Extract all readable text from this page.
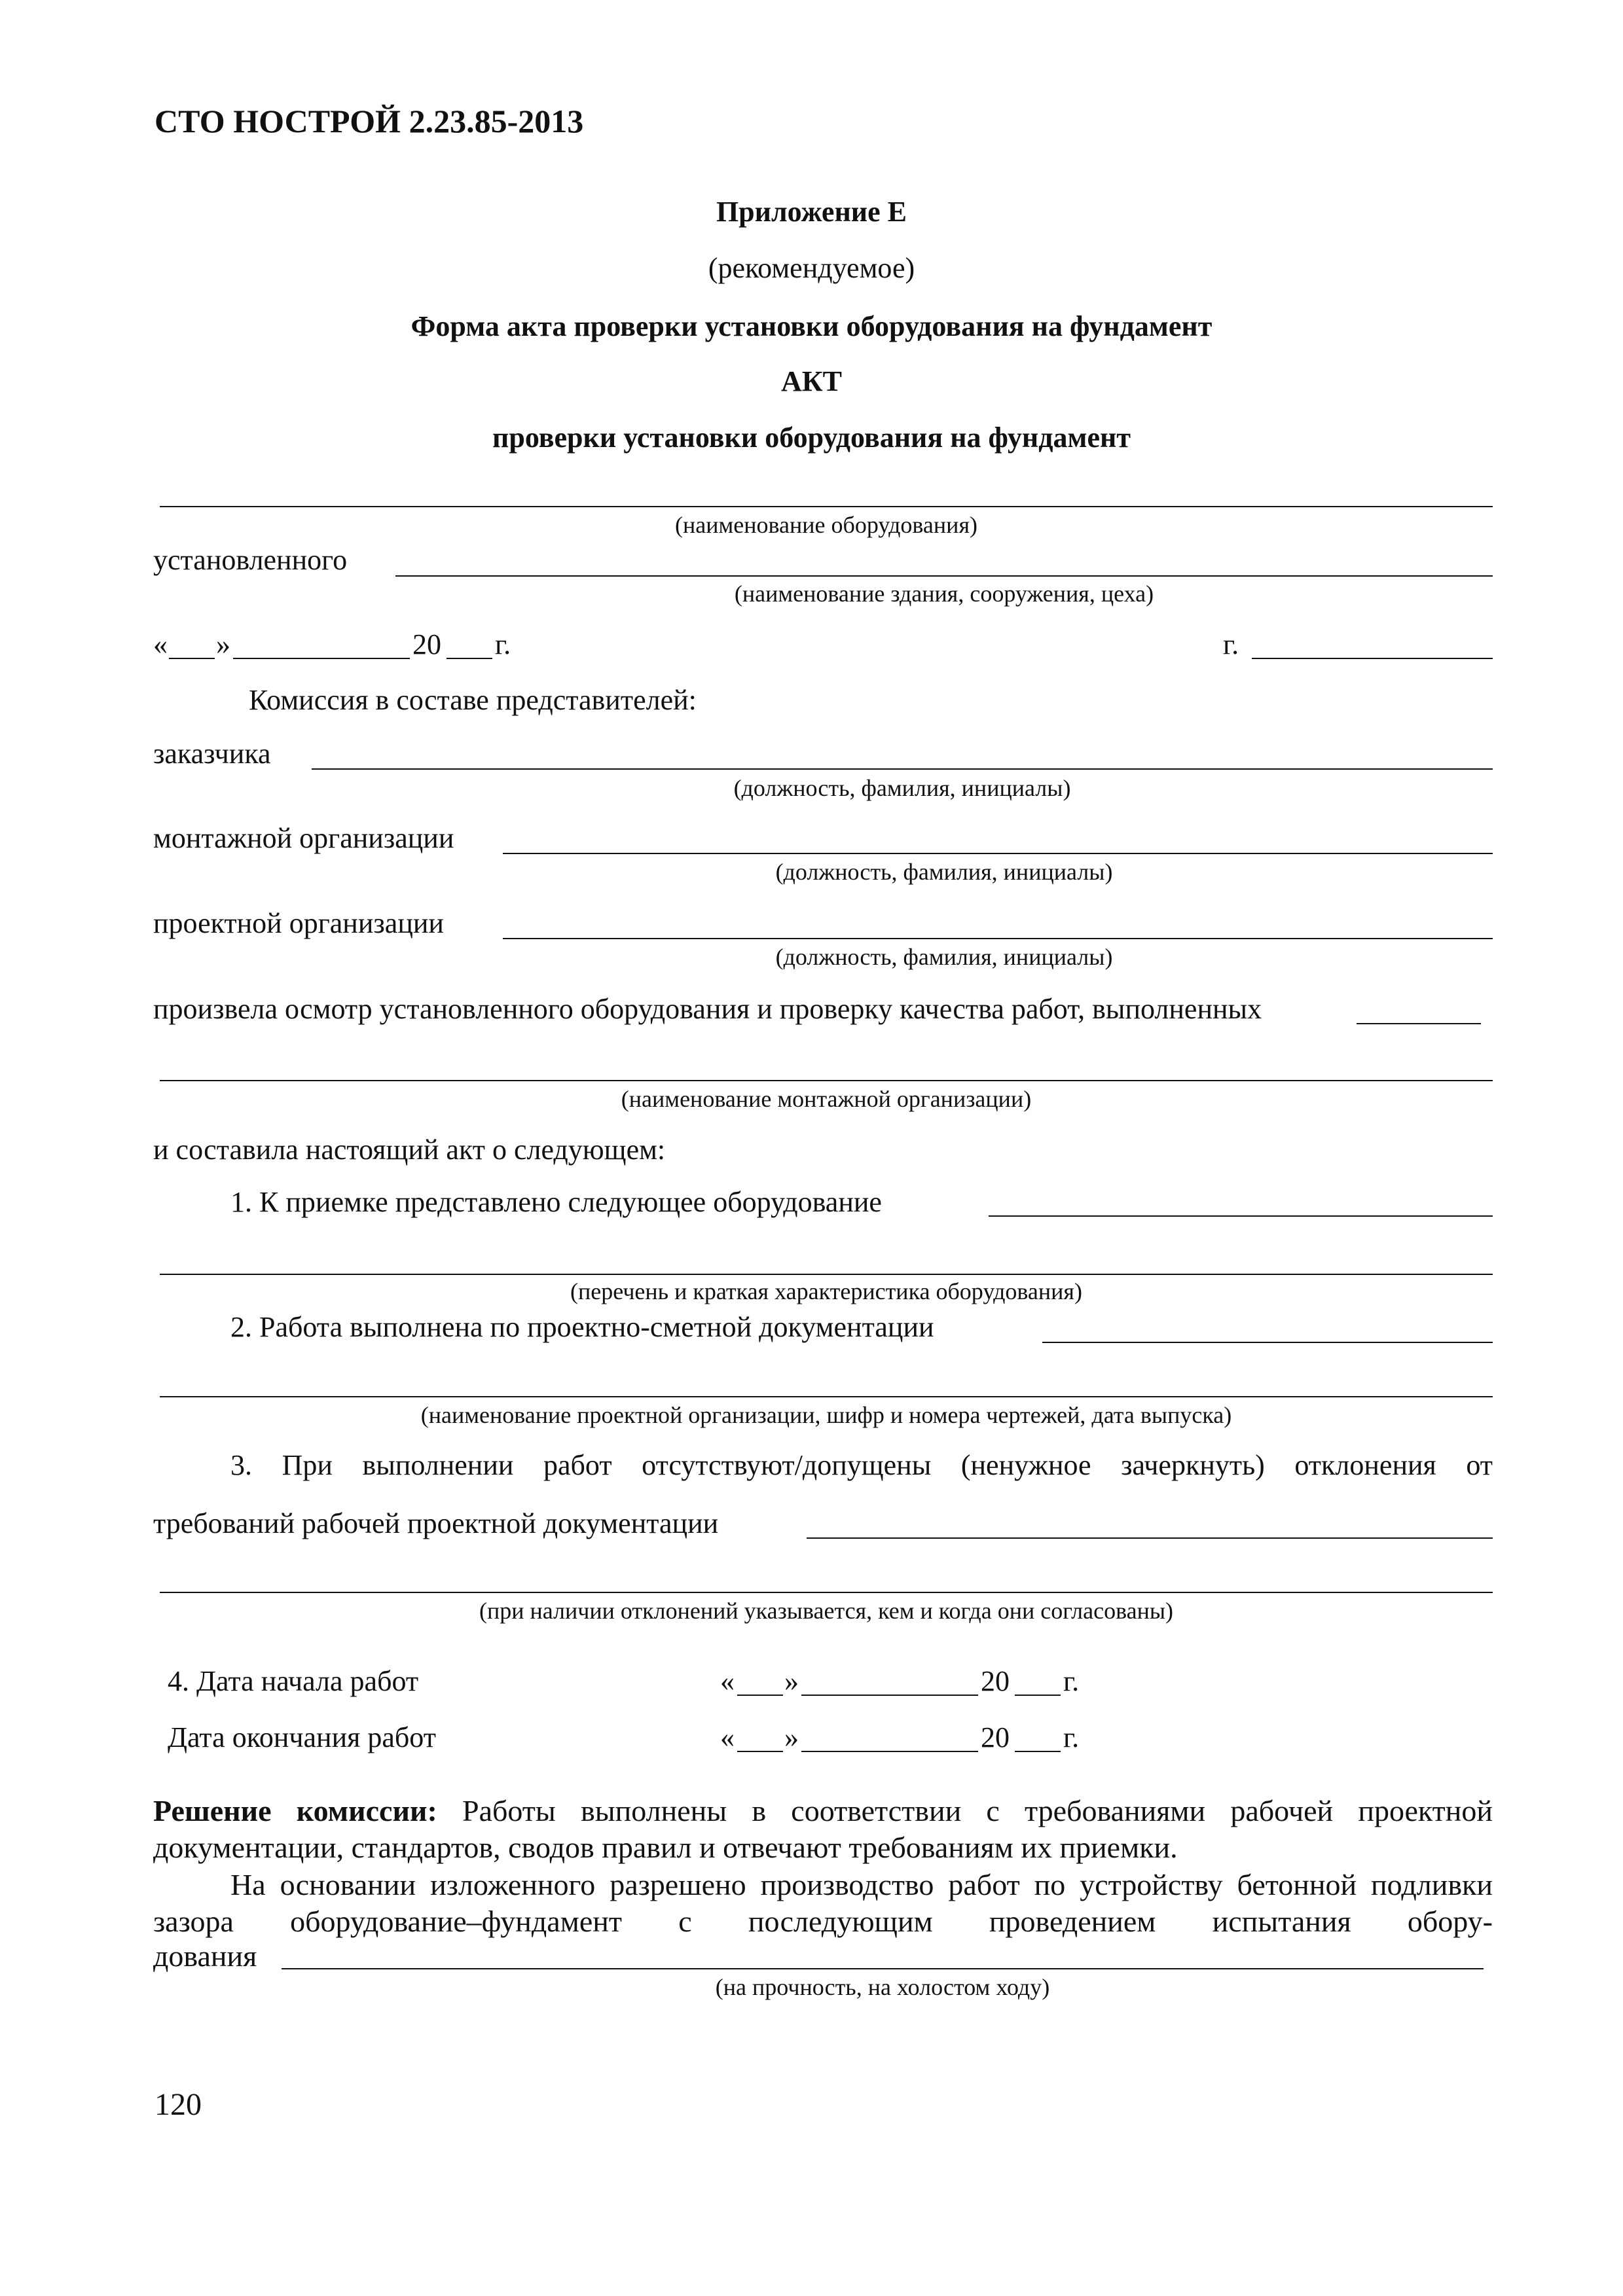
СТО НОСТРОЙ 2.23.85-2013
Приложение Е
(рекомендуемое)
Форма акта проверки установки оборудования на фундамент
АКТ
проверки установки оборудования на фундамент
(наименование оборудования)
установленного
(наименование здания, сооружения, цеха)
« »	20 г.	г.
Комиссия в составе представителей:
заказчика
(должность, фамилия, инициалы)
монтажной организации
(должность, фамилия, инициалы)
проектной организации
(должность, фамилия, инициалы)
произвела осмотр установленного оборудования и проверку качества работ, выполненных
(наименование монтажной организации)
и составила настоящий акт о следующем:
1. К приемке представлено следующее оборудование
(перечень и краткая характеристика оборудования)
2. Работа выполнена по проектно-сметной документации
(наименование проектной организации, шифр и номера чертежей, дата выпуска)
3. При выполнении работ отсутствуют/допущены (ненужное зачеркнуть) отклонения от
требований рабочей проектной документации
(при наличии отклонений указывается, кем и когда они согласованы)
4. Дата начала работ	« »	20 г.
Дата окончания работ	« »	20 г.
Решение комиссии: Работы выполнены в соответствии с требованиями рабочей проектной документации, стандартов, сводов правил и отвечают требованиям их приемки.
На основании изложенного разрешено производство работ по устройству бетонной подливки зазора оборудование–фундамент с последующим проведением испытания обору-
дования
(на прочность, на холостом ходу)
120
